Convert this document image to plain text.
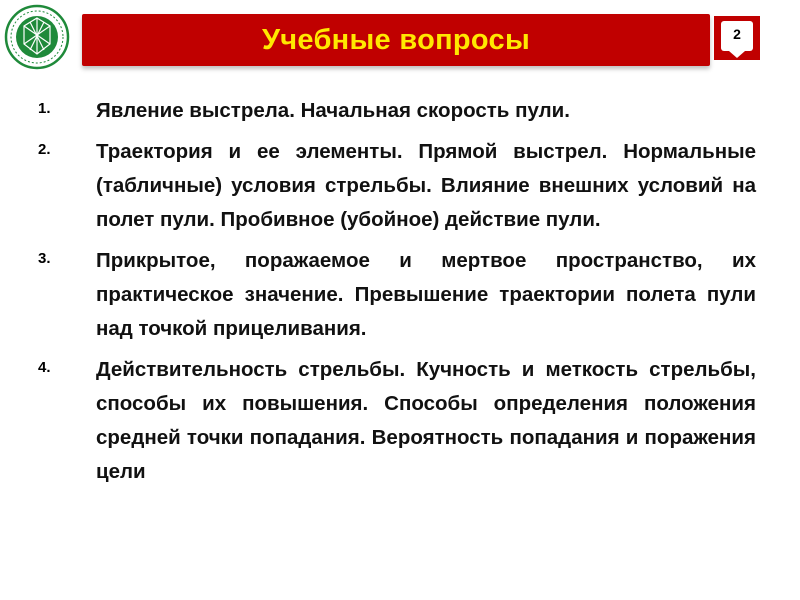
Учебные вопросы	2
1. Явление выстрела. Начальная скорость пули.
2. Траектория и ее элементы. Прямой выстрел. Нормальные (табличные) условия стрельбы. Влияние внешних условий на полет пули. Пробивное (убойное) действие пули.
3. Прикрытое, поражаемое и мертвое пространство, их практическое значение. Превышение траектории полета пули над точкой прицеливания.
4. Действительность стрельбы. Кучность и меткость стрельбы, способы их повышения. Способы определения положения средней точки попадания. Вероятность попадания и поражения цели
